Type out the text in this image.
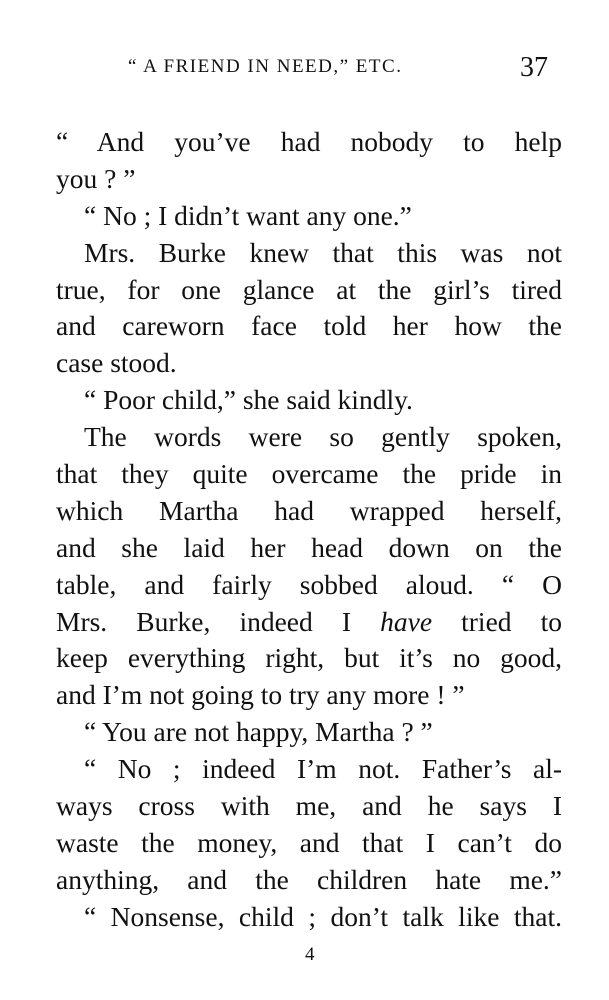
“ A FRIEND IN NEED,” ETC.	37
“ And you’ve had nobody to help
you ? ”
“ No ; I didn’t want any one.”
Mrs. Burke knew that this was not
true, for one glance at the girl’s tired
and careworn face told her how the
case stood.
“ Poor child,” she said kindly.
The words were so gently spoken,
that they quite overcame the pride in
which Martha had wrapped herself,
and she laid her head down on the
table, and fairly sobbed aloud. “ O
Mrs. Burke, indeed I have tried to
keep everything right, but it’s no good,
and I’m not going to try any more ! ”
“ You are not happy, Martha ? ”
“ No ; indeed I’m not. Father’s al-
ways cross with me, and he says I
waste the money, and that I can’t do
anything, and the children hate me.”
“ Nonsense, child ; don’t talk like that.
4
